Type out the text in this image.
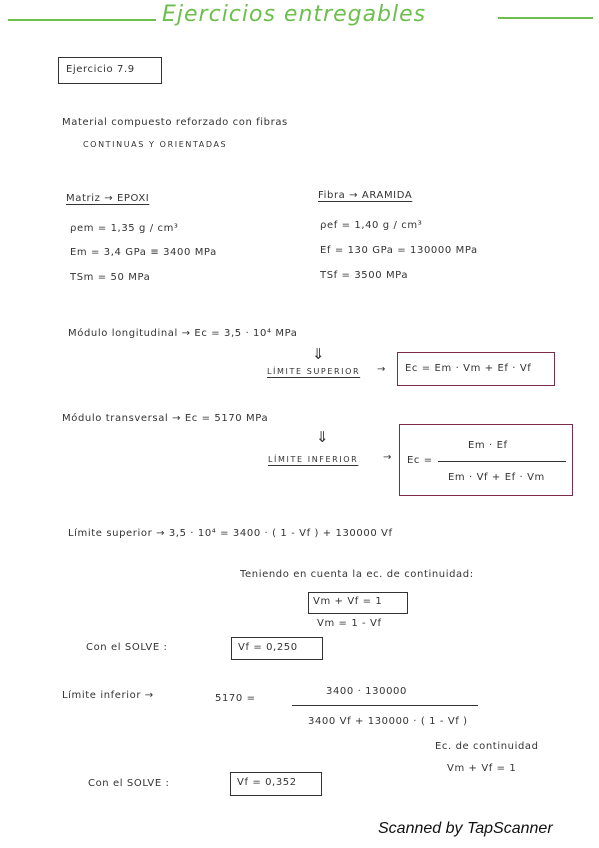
Ejercicios entregables
Ejercicio 7.9
Material compuesto reforzado con fibras
CONTINUAS Y ORIENTADAS
Matriz → EPOXI
ρem = 1,35 g / cm³
Em = 3,4 GPa ≡ 3400 MPa
TSm = 50 MPa
Fibra → ARAMIDA
ρef = 1,40 g / cm³
Ef = 130 GPa = 130000 MPa
TSf = 3500 MPa
Módulo longitudinal → Ec = 3,5 · 10⁴ MPa
⇓
LÍMITE SUPERIOR → Ec = Em · Vm + Ef · Vf
Módulo transversal → Ec = 5170 MPa
⇓
LÍMITE INFERIOR → Ec =
Em · Ef
Em · Vf + Ef · Vm
Límite superior → 3,5 · 10⁴ = 3400 · ( 1 - Vf ) + 130000 Vf
Teniendo en cuenta la ec. de continuidad:
Vm + Vf = 1
Vm = 1 - Vf
Con el SOLVE :	Vf = 0,250
Límite inferior →	5170 =
3400 · 130000
3400 Vf + 130000 · ( 1 - Vf )
Ec. de continuidad
Vm + Vf = 1
Con el SOLVE :	Vf = 0,352
Scanned by TapScanner
